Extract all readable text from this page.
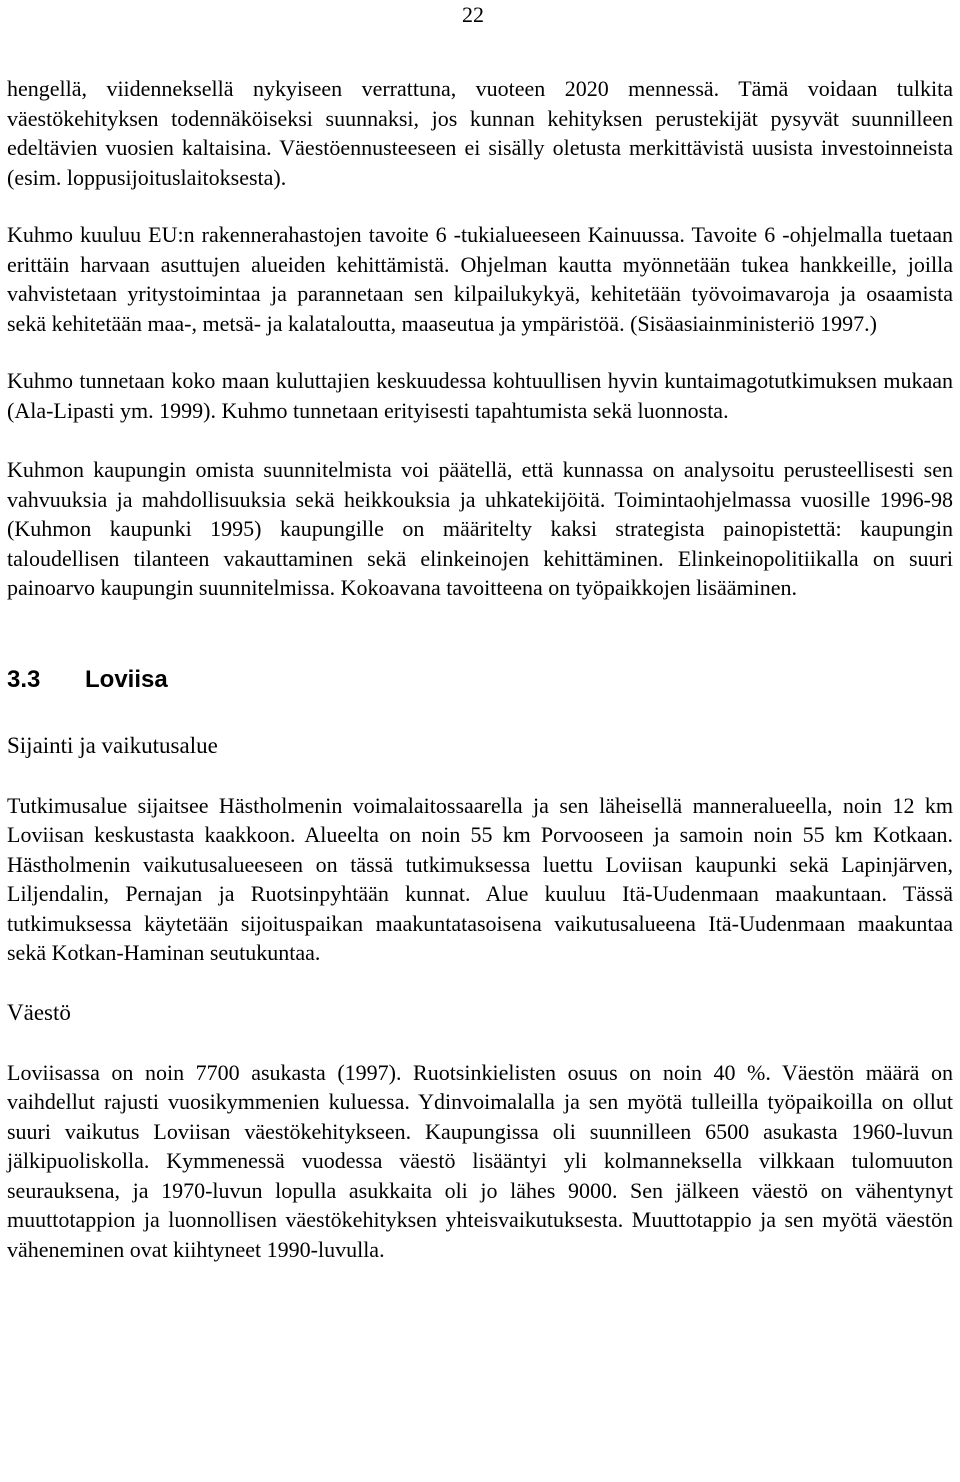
22

hengellä, viidenneksellä nykyiseen verrattuna, vuoteen 2020 mennessä. Tämä voidaan tulkita väestökehityksen todennäköiseksi suunnaksi, jos kunnan kehityksen perustekijät pysyvät suunnilleen edeltävien vuosien kaltaisina. Väestöennusteeseen ei sisälly oletusta merkittävistä uusista investoinneista (esim. loppusijoituslaitoksesta).

Kuhmo kuuluu EU:n rakennerahastojen tavoite 6 -tukialueeseen Kainuussa. Tavoite 6 -ohjelmalla tuetaan erittäin harvaan asuttujen alueiden kehittämistä. Ohjelman kautta myönnetään tukea hankkeille, joilla vahvistetaan yritystoimintaa ja parannetaan sen kilpailukykyä, kehitetään työvoimavaroja ja osaamista sekä kehitetään maa-, metsä- ja kalataloutta, maaseutua ja ympäristöä. (Sisäasiainministeriö 1997.)

Kuhmo tunnetaan koko maan kuluttajien keskuudessa kohtuullisen hyvin kuntaimagotutkimuksen mukaan (Ala-Lipasti ym. 1999). Kuhmo tunnetaan erityisesti tapahtumista sekä luonnosta.

Kuhmon kaupungin omista suunnitelmista voi päätellä, että kunnassa on analysoitu perusteellisesti sen vahvuuksia ja mahdollisuuksia sekä heikkouksia ja uhkatekijöitä. Toimintaohjelmassa vuosille 1996-98 (Kuhmon kaupunki 1995) kaupungille on määritelty kaksi strategista painopistettä: kaupungin taloudellisen tilanteen vakauttaminen sekä elinkeinojen kehittäminen. Elinkeinopolitiikalla on suuri painoarvo kaupungin suunnitelmissa. Kokoavana tavoitteena on työpaikkojen lisääminen.

3.3	Loviisa
Sijainti ja vaikutusalue

Tutkimusalue sijaitsee Hästholmenin voimalaitossaarella ja sen läheisellä manneralueella, noin 12 km Loviisan keskustasta kaakkoon. Alueelta on noin 55 km Porvooseen ja samoin noin 55 km Kotkaan. Hästholmenin vaikutusalueeseen on tässä tutkimuksessa luettu Loviisan kaupunki sekä Lapinjärven, Liljendalin, Pernajan ja Ruotsinpyhtään kunnat. Alue kuuluu Itä-Uudenmaan maakuntaan. Tässä tutkimuksessa käytetään sijoituspaikan maakuntatasoisena vaikutusalueena Itä-Uudenmaan maakuntaa sekä Kotkan-Haminan seutukuntaa.

Väestö

Loviisassa on noin 7700 asukasta (1997). Ruotsinkielisten osuus on noin 40 %. Väestön määrä on vaihdellut rajusti vuosikymmenien kuluessa. Ydinvoimalalla ja sen myötä tulleilla työpaikoilla on ollut suuri vaikutus Loviisan väestökehitykseen. Kaupungissa oli suunnilleen 6500 asukasta 1960-luvun jälkipuoliskolla. Kymmenessä vuodessa väestö lisääntyi yli kolmanneksella vilkkaan tulomuuton seurauksena, ja 1970-luvun lopulla asukkaita oli jo lähes 9000. Sen jälkeen väestö on vähentynyt muuttotappion ja luonnollisen väestökehityksen yhteisvaikutuksesta. Muuttotappio ja sen myötä väestön väheneminen ovat kiihtyneet 1990-luvulla.
